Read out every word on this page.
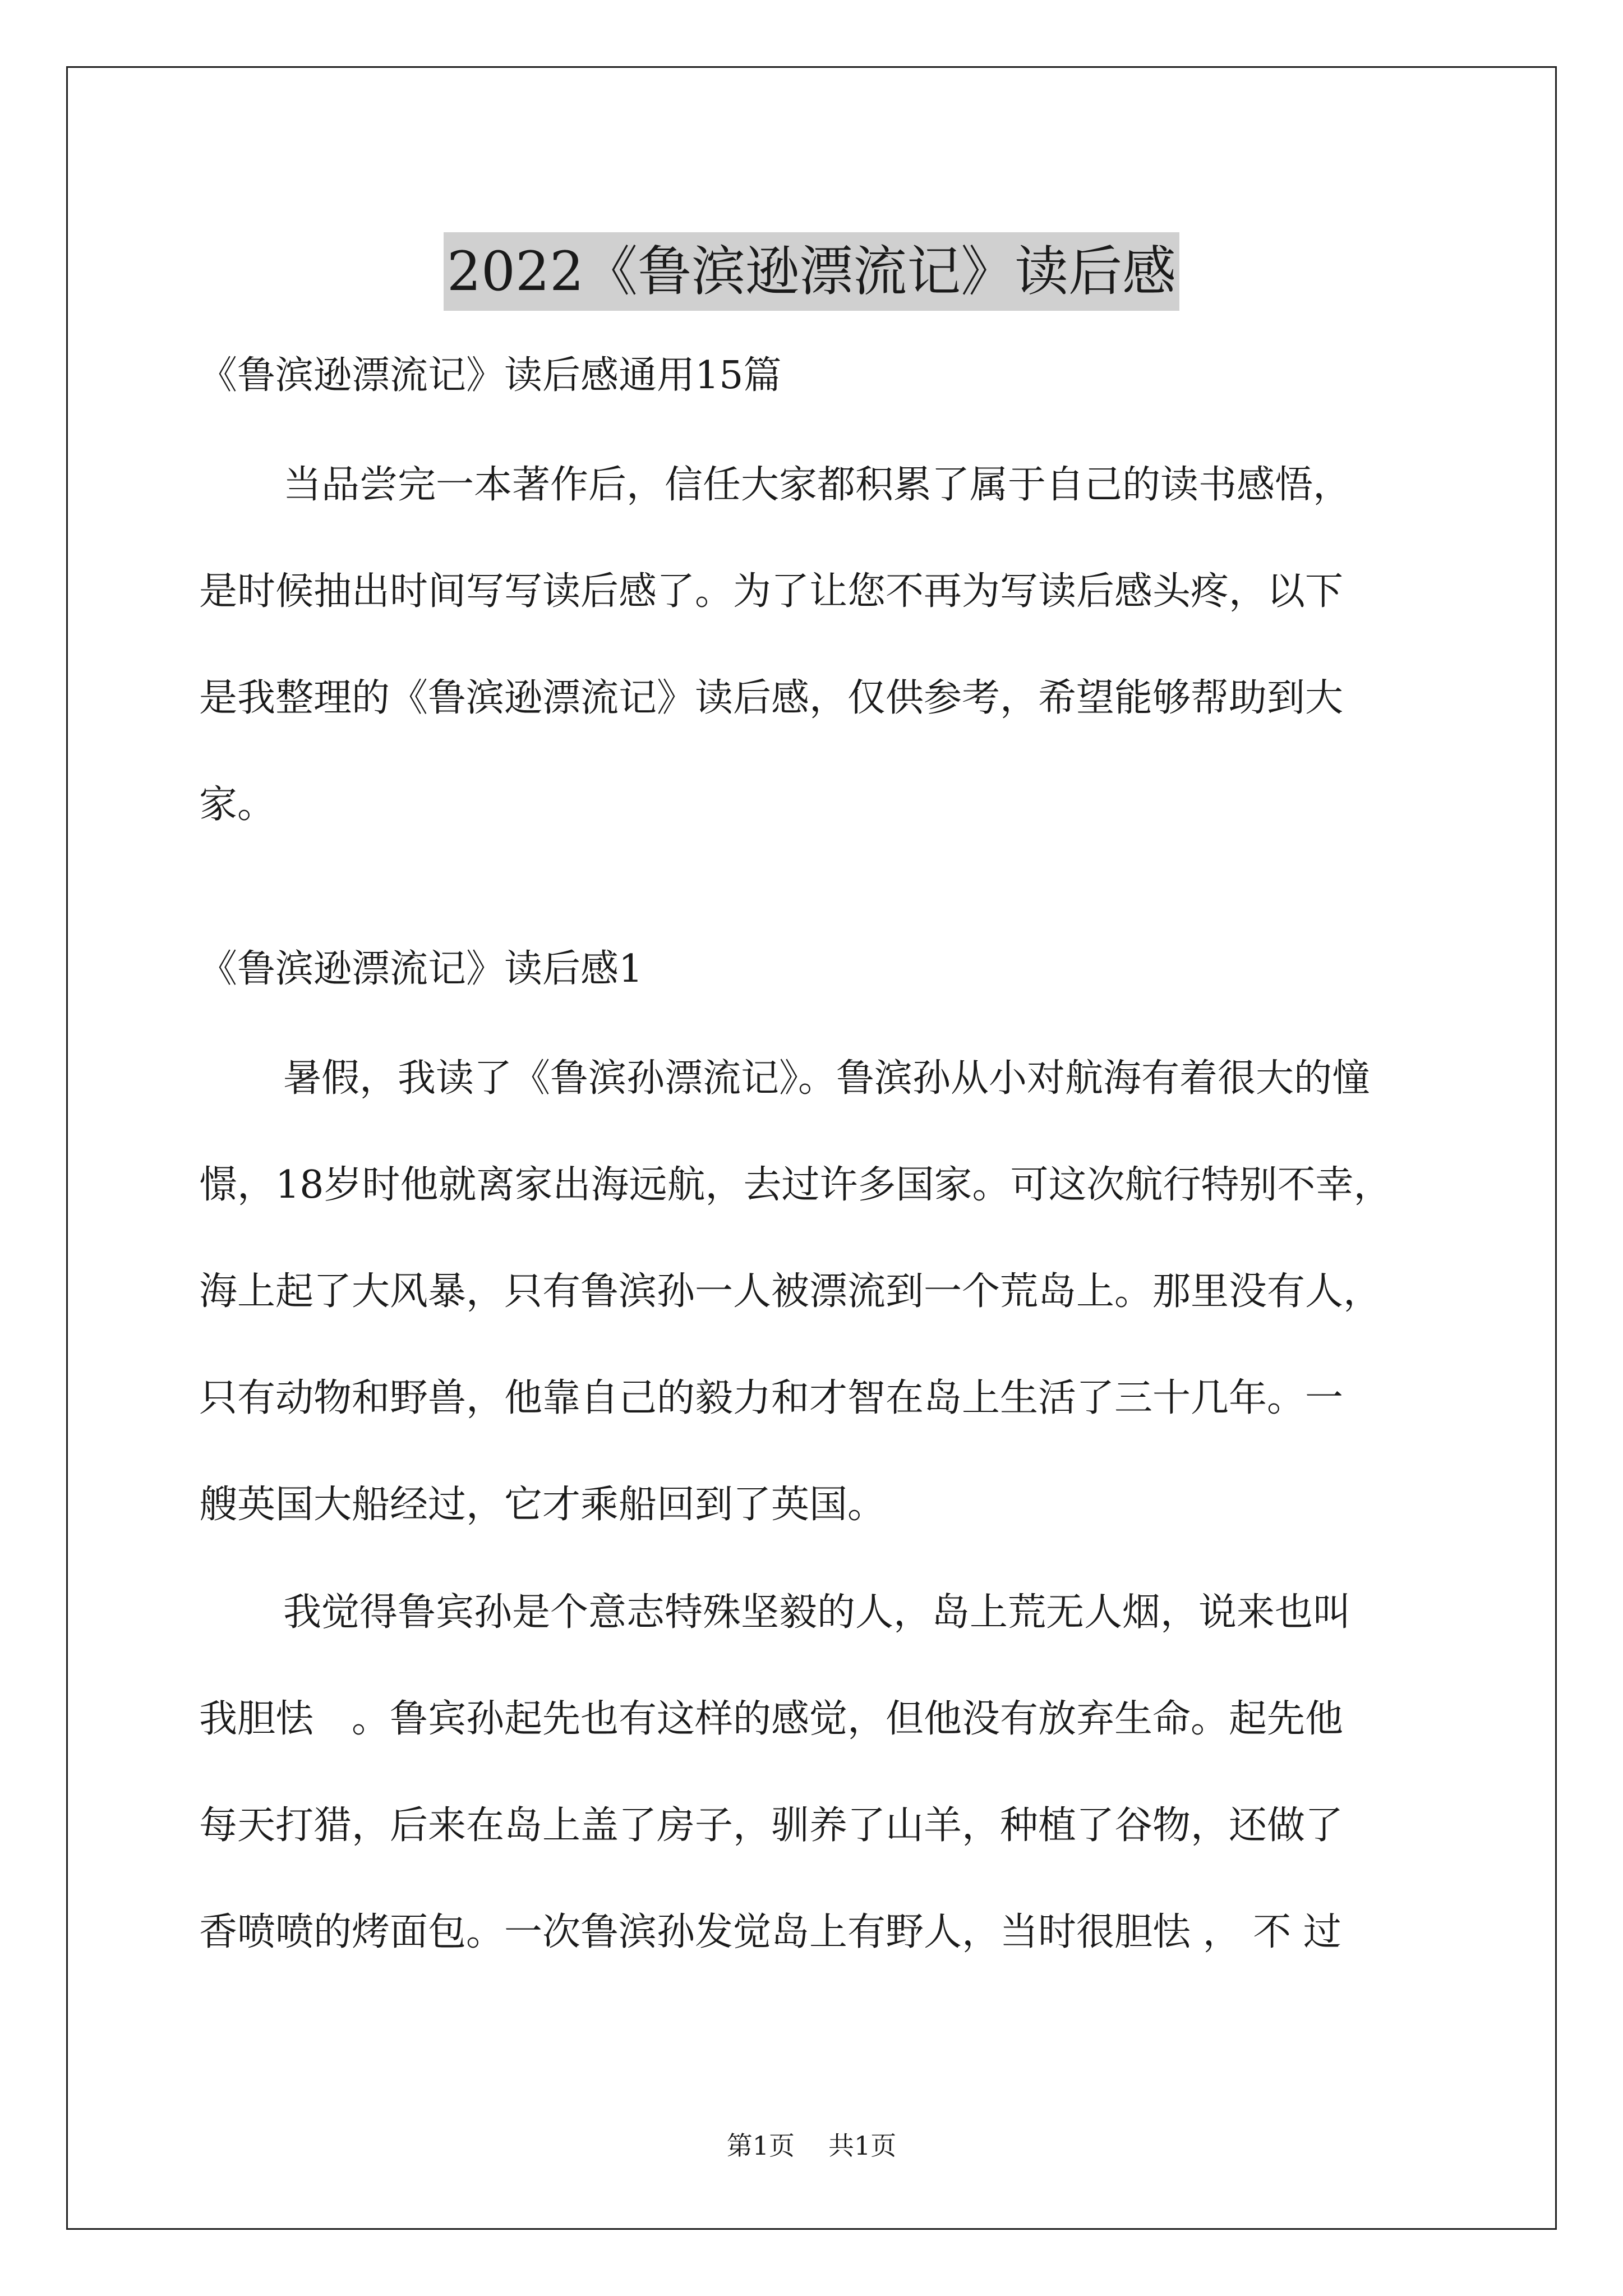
2022《鲁滨逊漂流记》读后感
《鲁滨逊漂流记》读后感通用15篇
当品尝完一本著作后，信任大家都积累了属于自己的读书感悟，
是时候抽出时间写写读后感了。为了让您不再为写读后感头疼，以下
是我整理的《鲁滨逊漂流记》读后感，仅供参考，希望能够帮助到大
家。
《鲁滨逊漂流记》读后感1
暑假，我读了《鲁滨孙漂流记》。鲁滨孙从小对航海有着很大的憧
憬，18岁时他就离家出海远航，去过许多国家。可这次航行特别不幸，
海上起了大风暴，只有鲁滨孙一人被漂流到一个荒岛上。那里没有人，
只有动物和野兽，他靠自己的毅力和才智在岛上生活了三十几年。一
艘英国大船经过，它才乘船回到了英国。
我觉得鲁宾孙是个意志特殊坚毅的人，岛上荒无人烟，说来也叫
我胆怯　。鲁宾孙起先也有这样的感觉，但他没有放弃生命。起先他
每天打猎，后来在岛上盖了房子，驯养了山羊，种植了谷物，还做了
香喷喷的烤面包。一次鲁滨孙发觉岛上有野人，当时很胆怯 ， 不 过
第1页 共1页
